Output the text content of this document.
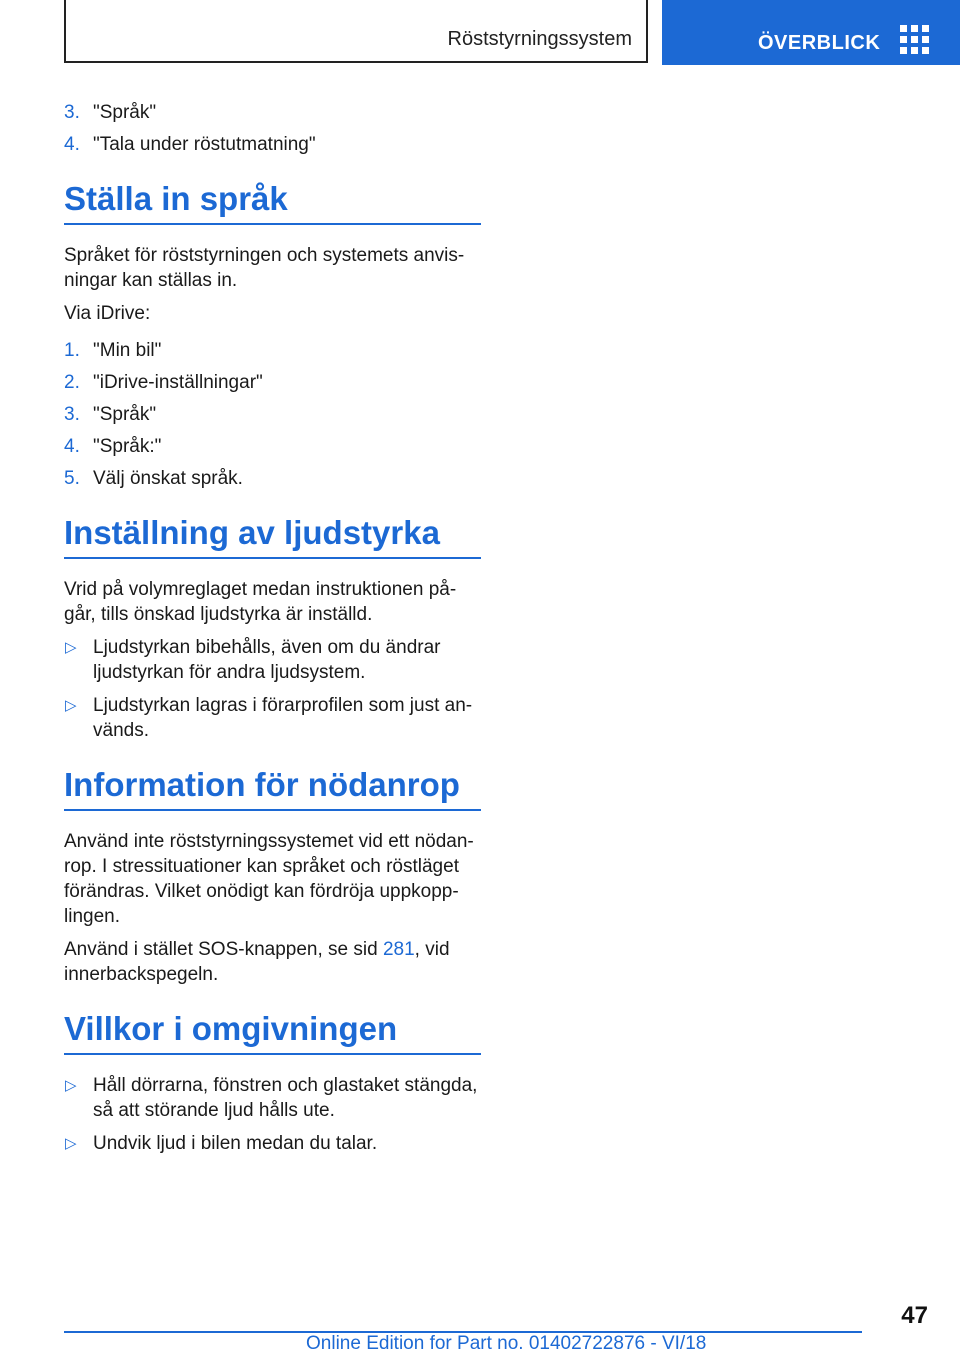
Röststyrningssystem	ÖVERBLICK
3. "Språk"
4. "Tala under röstutmatning"
Ställa in språk

Språket för röststyrningen och systemets anvis-ningar kan ställas in.

Via iDrive:

1. "Min bil"
2. "iDrive-inställningar"
3. "Språk"
4. "Språk:"
5. Välj önskat språk.
Inställning av ljudstyrka

Vrid på volymreglaget medan instruktionen på-går, tills önskad ljudstyrka är inställd.

▷ Ljudstyrkan bibehålls, även om du ändrar ljudstyrkan för andra ljudsystem.
▷ Ljudstyrkan lagras i förarprofilen som just an-vänds.
Information för nödanrop

Använd inte röststyrningssystemet vid ett nödan-rop. I stressituationer kan språket och röstläget förändras. Vilket onödigt kan fördröja uppkopp-lingen.

Använd i stället SOS-knappen, se sid 281, vid innerbackspegeln.

Villkor i omgivningen
▷ Håll dörrarna, fönstren och glastaket stängda, så att störande ljud hålls ute.
▷ Undvik ljud i bilen medan du talar.
47
Online Edition for Part no. 01402722876 - VI/18
